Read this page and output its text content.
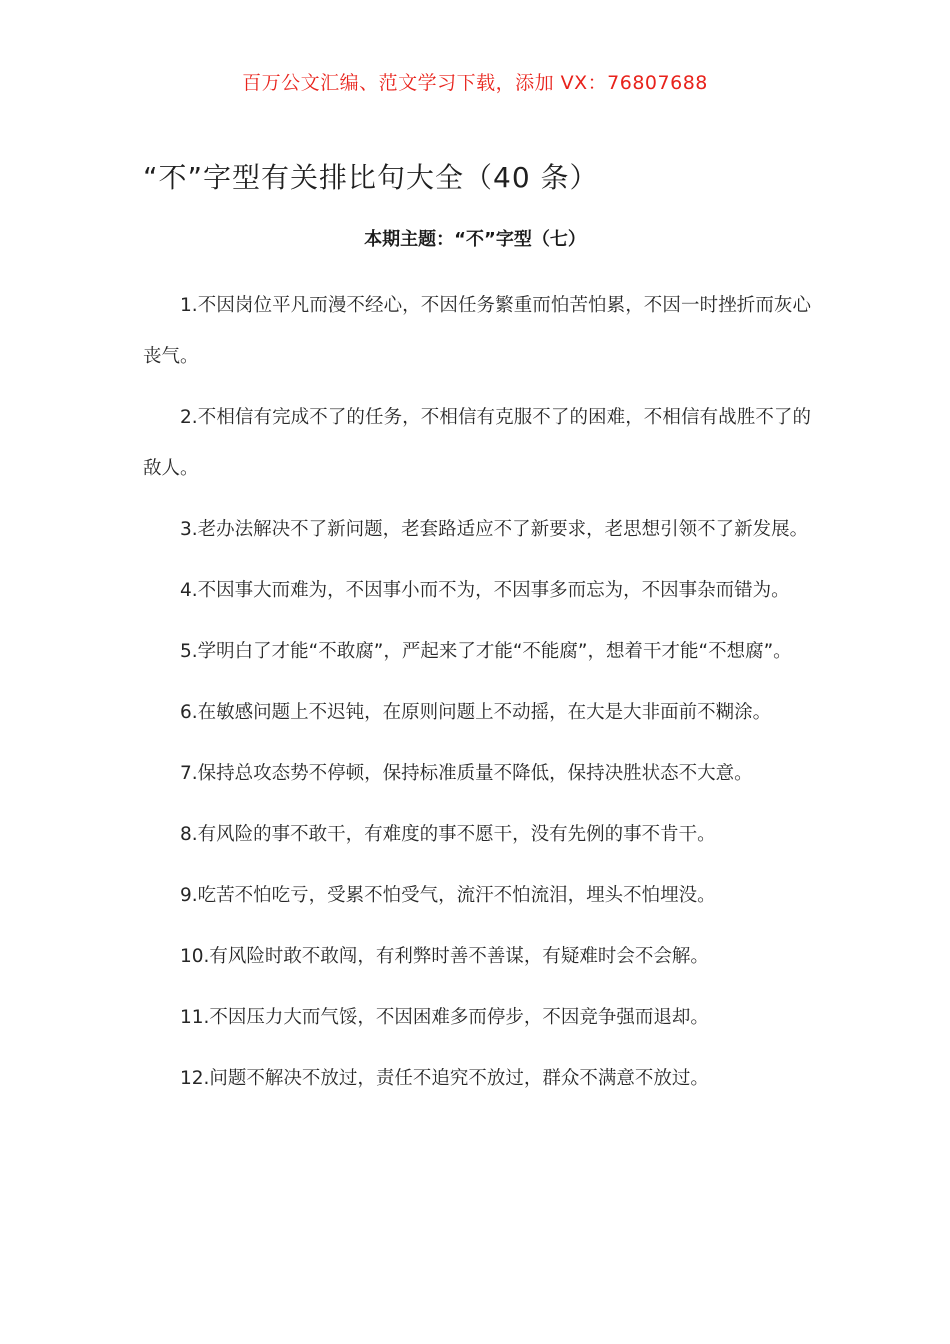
百万公文汇编、范文学习下载，添加 VX：76807688
“不”字型有关排比句大全（40 条）
本期主题：“不”字型（七）
1.不因岗位平凡而漫不经心，不因任务繁重而怕苦怕累，不因一时挫折而灰心丧气。
2.不相信有完成不了的任务，不相信有克服不了的困难，不相信有战胜不了的敌人。
3.老办法解决不了新问题，老套路适应不了新要求，老思想引领不了新发展。
4.不因事大而难为，不因事小而不为，不因事多而忘为，不因事杂而错为。
5.学明白了才能“不敢腐”，严起来了才能“不能腐”，想着干才能“不想腐”。
6.在敏感问题上不迟钝，在原则问题上不动摇，在大是大非面前不糊涂。
7.保持总攻态势不停顿，保持标准质量不降低，保持决胜状态不大意。
8.有风险的事不敢干，有难度的事不愿干，没有先例的事不肯干。
9.吃苦不怕吃亏，受累不怕受气，流汗不怕流泪，埋头不怕埋没。
10.有风险时敢不敢闯，有利弊时善不善谋，有疑难时会不会解。
11.不因压力大而气馁，不因困难多而停步，不因竞争强而退却。
12.问题不解决不放过，责任不追究不放过，群众不满意不放过。
